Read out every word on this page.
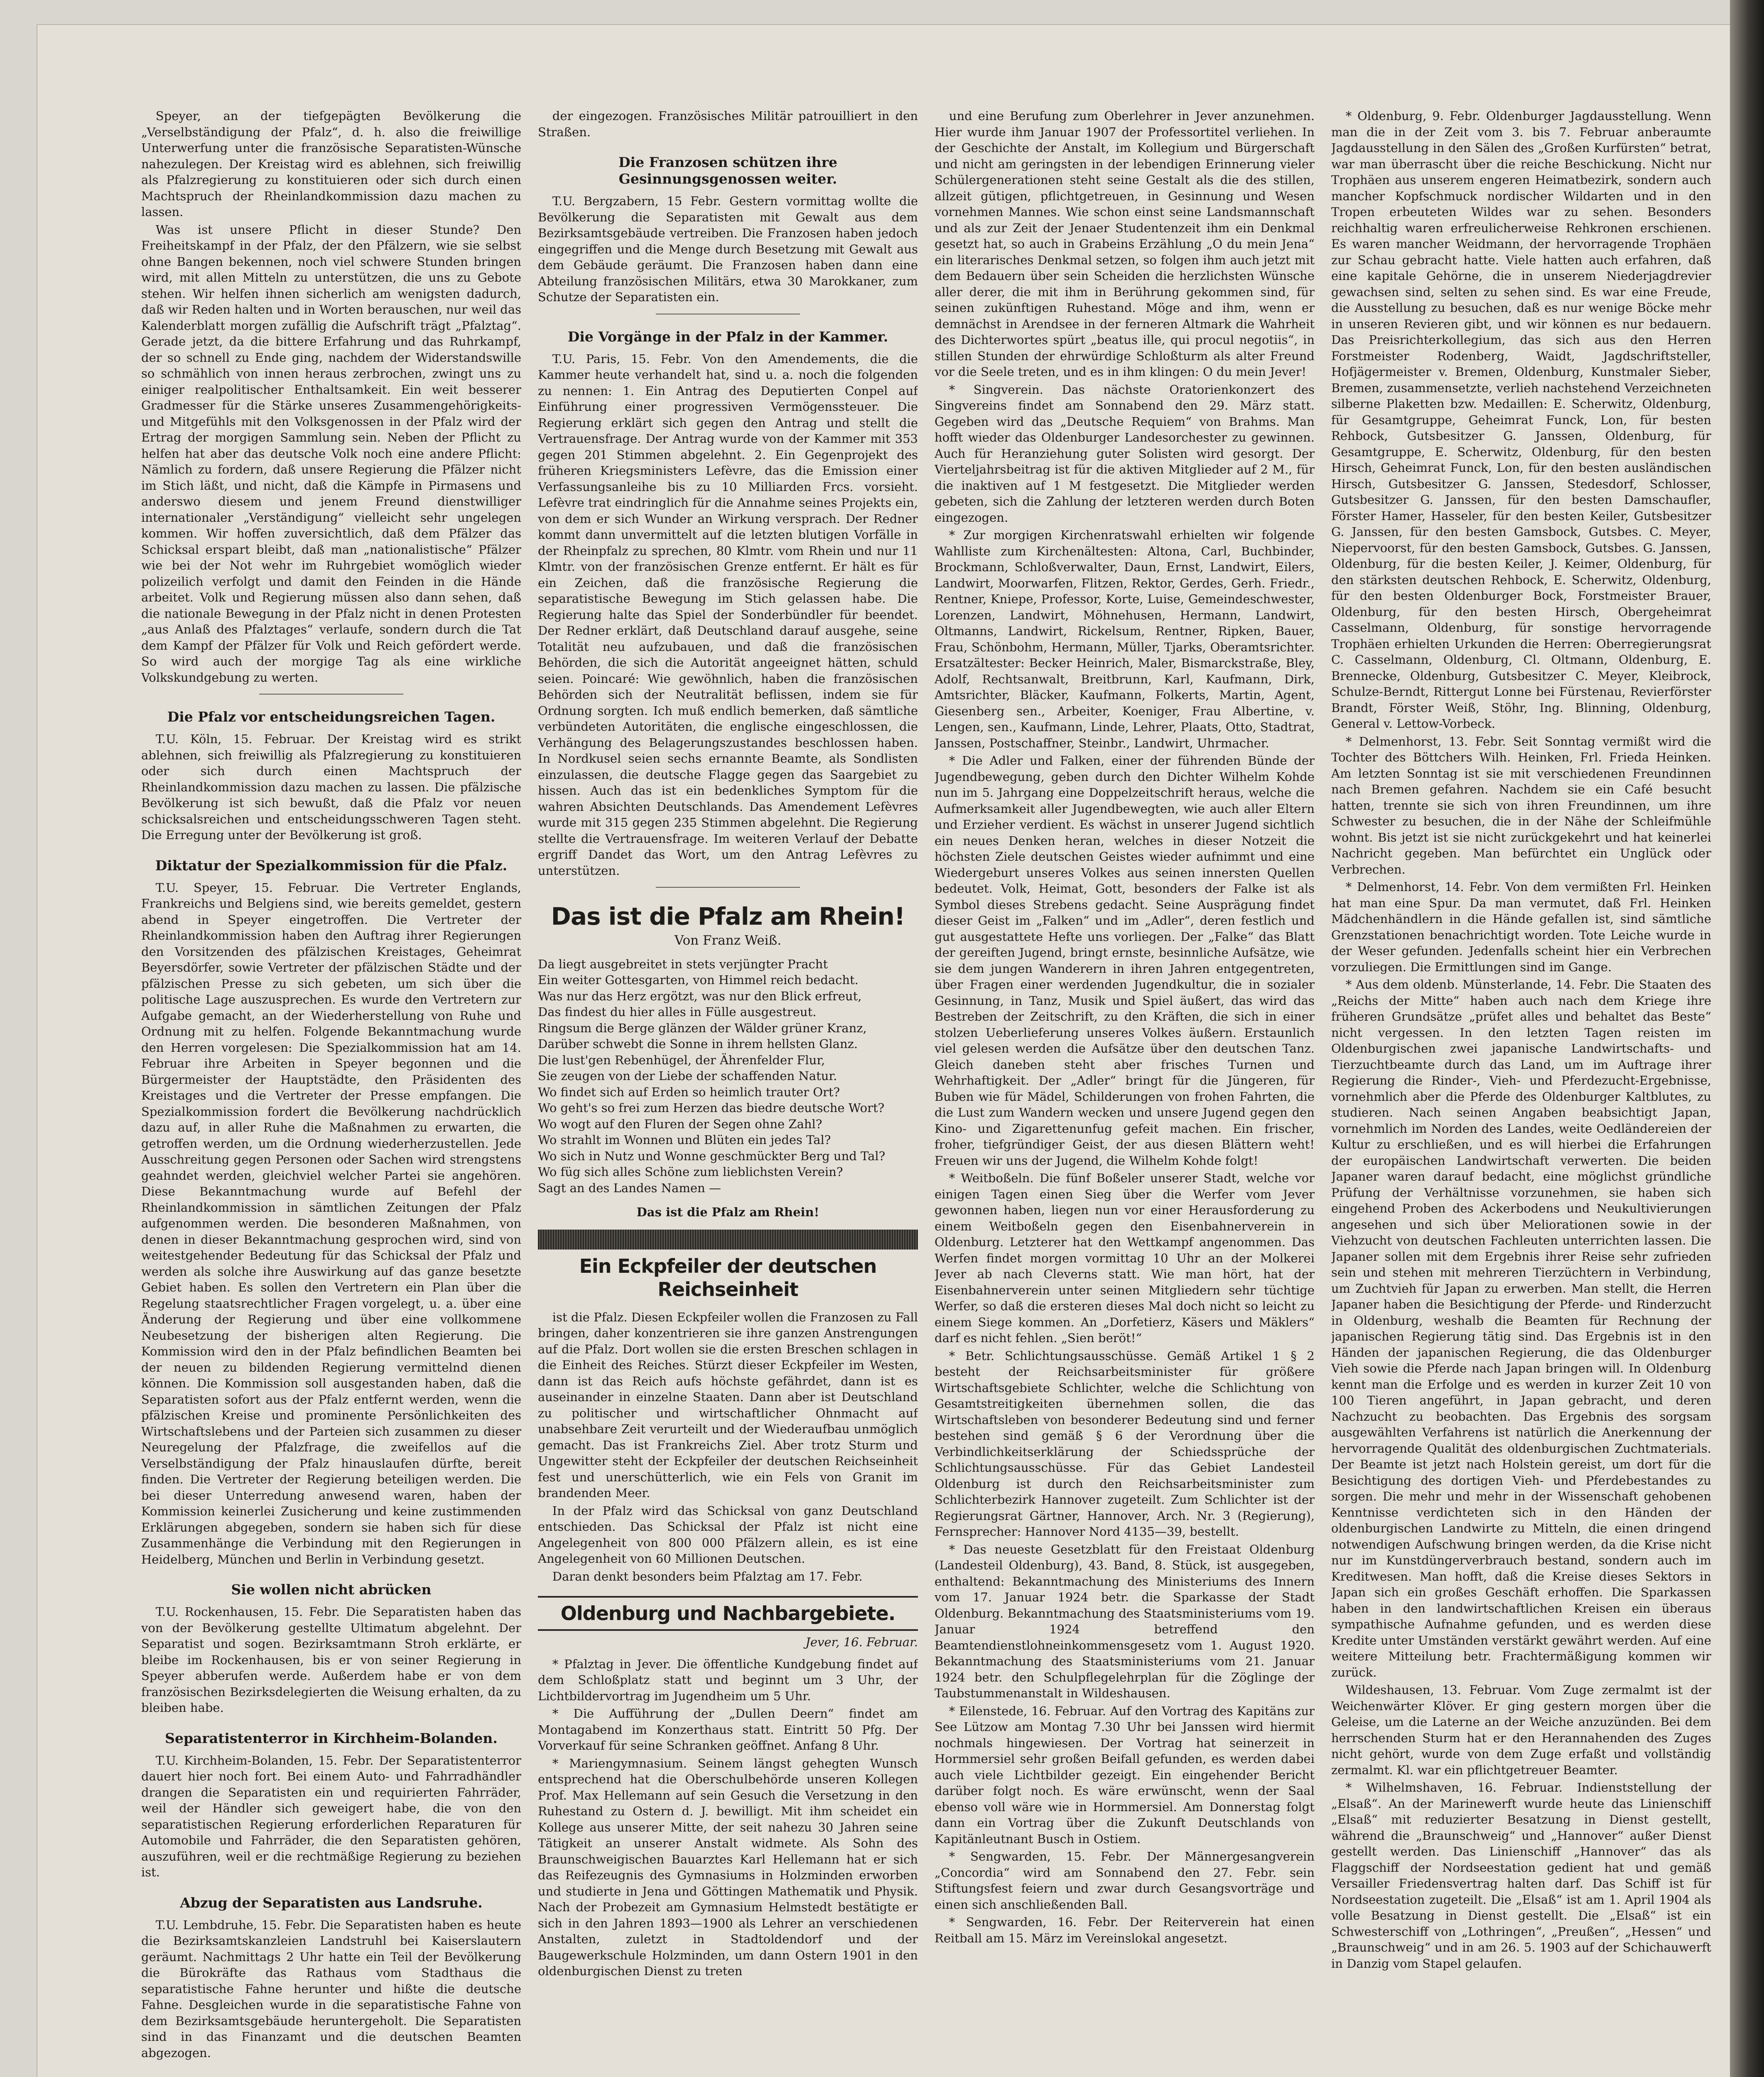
Speyer, an der tiefgepägten Bevölkerung die „Verselbständigung der Pfalz“, d. h. also die freiwillige Unterwerfung unter die französische Separatisten-Wünsche nahezulegen. Der Kreistag wird es ablehnen, sich freiwillig als Pfalzregierung zu konstituieren oder sich durch einen Machtspruch der Rheinlandkommission dazu machen zu lassen.

Was ist unsere Pflicht in dieser Stunde? Den Freiheitskampf in der Pfalz, der den Pfälzern, wie sie selbst ohne Bangen bekennen, noch viel schwere Stunden bringen wird, mit allen Mitteln zu unterstützen, die uns zu Gebote stehen. Wir helfen ihnen sicherlich am wenigsten dadurch, daß wir Reden halten und in Worten berauschen, nur weil das Kalenderblatt morgen zufällig die Aufschrift trägt „Pfalztag“. Gerade jetzt, da die bittere Erfahrung und das Ruhrkampf, der so schnell zu Ende ging, nachdem der Widerstandswille so schmählich von innen heraus zerbrochen, zwingt uns zu einiger realpolitischer Enthaltsamkeit. Ein weit besserer Gradmesser für die Stärke unseres Zusammengehörigkeits- und Mitgefühls mit den Volksgenossen in der Pfalz wird der Ertrag der morgigen Sammlung sein. Neben der Pflicht zu helfen hat aber das deutsche Volk noch eine andere Pflicht: Nämlich zu fordern, daß unsere Regierung die Pfälzer nicht im Stich läßt, und nicht, daß die Kämpfe in Pirmasens und anderswo diesem und jenem Freund dienstwilliger internationaler „Verständigung“ vielleicht sehr ungelegen kommen. Wir hoffen zuversichtlich, daß dem Pfälzer das Schicksal erspart bleibt, daß man „nationalistische“ Pfälzer wie bei der Not wehr im Ruhrgebiet womöglich wieder polizeilich verfolgt und damit den Feinden in die Hände arbeitet. Volk und Regierung müssen also dann sehen, daß die nationale Bewegung in der Pfalz nicht in denen Protesten „aus Anlaß des Pfalztages“ verlaufe, sondern durch die Tat dem Kampf der Pfälzer für Volk und Reich gefördert werde. So wird auch der morgige Tag als eine wirkliche Volkskundgebung zu werten.

Die Pfalz vor entscheidungsreichen Tagen.

T.U. Köln, 15. Februar. Der Kreistag wird es strikt ablehnen, sich freiwillig als Pfalzregierung zu konstituieren oder sich durch einen Machtspruch der Rheinlandkommission dazu machen zu lassen. Die pfälzische Bevölkerung ist sich bewußt, daß die Pfalz vor neuen schicksalsreichen und entscheidungsschweren Tagen steht. Die Erregung unter der Bevölkerung ist groß.

Diktatur der Spezialkommission für die Pfalz.

T.U. Speyer, 15. Februar. Die Vertreter Englands, Frankreichs und Belgiens sind, wie bereits gemeldet, gestern abend in Speyer eingetroffen. Die Vertreter der Rheinlandkommission haben den Auftrag ihrer Regierungen den Vorsitzenden des pfälzischen Kreistages, Geheimrat Beyersdörfer, sowie Vertreter der pfälzischen Städte und der pfälzischen Presse zu sich gebeten, um sich über die politische Lage auszusprechen. Es wurde den Vertretern zur Aufgabe gemacht, an der Wiederherstellung von Ruhe und Ordnung mit zu helfen. Folgende Bekanntmachung wurde den Herren vorgelesen: Die Spezialkommission hat am 14. Februar ihre Arbeiten in Speyer begonnen und die Bürgermeister der Hauptstädte, den Präsidenten des Kreistages und die Vertreter der Presse empfangen. Die Spezialkommission fordert die Bevölkerung nachdrücklich dazu auf, in aller Ruhe die Maßnahmen zu erwarten, die getroffen werden, um die Ordnung wiederherzustellen. Jede Ausschreitung gegen Personen oder Sachen wird strengstens geahndet werden, gleichviel welcher Partei sie angehören. Diese Bekanntmachung wurde auf Befehl der Rheinlandkommission in sämtlichen Zeitungen der Pfalz aufgenommen werden. Die besonderen Maßnahmen, von denen in dieser Bekanntmachung gesprochen wird, sind von weitestgehender Bedeutung für das Schicksal der Pfalz und werden als solche ihre Auswirkung auf das ganze besetzte Gebiet haben. Es sollen den Vertretern ein Plan über die Regelung staatsrechtlicher Fragen vorgelegt, u. a. über eine Änderung der Regierung und über eine vollkommene Neubesetzung der bisherigen alten Regierung. Die Kommission wird den in der Pfalz befindlichen Beamten bei der neuen zu bildenden Regierung vermittelnd dienen können. Die Kommission soll ausgestanden haben, daß die Separatisten sofort aus der Pfalz entfernt werden, wenn die pfälzischen Kreise und prominente Persönlichkeiten des Wirtschaftslebens und der Parteien sich zusammen zu dieser Neuregelung der Pfalzfrage, die zweifellos auf die Verselbständigung der Pfalz hinauslaufen dürfte, bereit finden. Die Vertreter der Regierung beteiligen werden. Die bei dieser Unterredung anwesend waren, haben der Kommission keinerlei Zusicherung und keine zustimmenden Erklärungen abgegeben, sondern sie haben sich für diese Zusammenhänge die Verbindung mit den Regierungen in Heidelberg, München und Berlin in Verbindung gesetzt.

Sie wollen nicht abrücken

T.U. Rockenhausen, 15. Febr. Die Separatisten haben das von der Bevölkerung gestellte Ultimatum abgelehnt. Der Separatist und sogen. Bezirksamtmann Stroh erklärte, er bleibe im Rockenhausen, bis er von seiner Regierung in Speyer abberufen werde. Außerdem habe er von dem französischen Bezirksdelegierten die Weisung erhalten, da zu bleiben habe.

Separatistenterror in Kirchheim-Bolanden.

T.U. Kirchheim-Bolanden, 15. Febr. Der Separatistenterror dauert hier noch fort. Bei einem Auto- und Fahrradhändler drangen die Separatisten ein und requirierten Fahrräder, weil der Händler sich geweigert habe, die von den separatistischen Regierung erforderlichen Reparaturen für Automobile und Fahrräder, die den Separatisten gehören, auszuführen, weil er die rechtmäßige Regierung zu beziehen ist.

Abzug der Separatisten aus Landsruhe.

T.U. Lembdruhe, 15. Febr. Die Separatisten haben es heute die Bezirksamtskanzleien Landstruhl bei Kaiserslautern geräumt. Nachmittags 2 Uhr hatte ein Teil der Bevölkerung die Bürokräfte das Rathaus vom Stadthaus die separatistische Fahne herunter und hißte die deutsche Fahne. Desgleichen wurde in die separatistische Fahne von dem Bezirksamtsgebäude heruntergeholt. Die Separatisten sind in das Finanzamt und die deutschen Beamten abgezogen.

der eingezogen. Französisches Militär patrouilliert in den Straßen.

Die Franzosen schützen ihre Gesinnungsgenossen weiter.

T.U. Bergzabern, 15 Febr. Gestern vormittag wollte die Bevölkerung die Separatisten mit Gewalt aus dem Bezirksamtsgebäude vertreiben. Die Franzosen haben jedoch eingegriffen und die Menge durch Besetzung mit Gewalt aus dem Gebäude geräumt. Die Franzosen haben dann eine Abteilung französischen Militärs, etwa 30 Marokkaner, zum Schutze der Separatisten ein.

Die Vorgänge in der Pfalz in der Kammer.

T.U. Paris, 15. Febr. Von den Amendements, die die Kammer heute verhandelt hat, sind u. a. noch die folgenden zu nennen: 1. Ein Antrag des Deputierten Conpel auf Einführung einer progressiven Vermögenssteuer. Die Regierung erklärt sich gegen den Antrag und stellt die Vertrauensfrage. Der Antrag wurde von der Kammer mit 353 gegen 201 Stimmen abgelehnt. 2. Ein Gegenprojekt des früheren Kriegsministers Lefèvre, das die Emission einer Verfassungsanleihe bis zu 10 Milliarden Frcs. vorsieht. Lefèvre trat eindringlich für die Annahme seines Projekts ein, von dem er sich Wunder an Wirkung versprach. Der Redner kommt dann unvermittelt auf die letzten blutigen Vorfälle in der Rheinpfalz zu sprechen, 80 Klmtr. vom Rhein und nur 11 Klmtr. von der französischen Grenze entfernt. Er hält es für ein Zeichen, daß die französische Regierung die separatistische Bewegung im Stich gelassen habe. Die Regierung halte das Spiel der Sonderbündler für beendet. Der Redner erklärt, daß Deutschland darauf ausgehe, seine Totalität neu aufzubauen, und daß die französischen Behörden, die sich die Autorität angeeignet hätten, schuld seien. Poincaré: Wie gewöhnlich, haben die französischen Behörden sich der Neutralität beflissen, indem sie für Ordnung sorgten. Ich muß endlich bemerken, daß sämtliche verbündeten Autoritäten, die englische eingeschlossen, die Verhängung des Belagerungszustandes beschlossen haben. In Nordkusel seien sechs ernannte Beamte, als Sondlisten einzulassen, die deutsche Flagge gegen das Saargebiet zu hissen. Auch das ist ein bedenkliches Symptom für die wahren Absichten Deutschlands. Das Amendement Lefèvres wurde mit 315 gegen 235 Stimmen abgelehnt. Die Regierung stellte die Vertrauensfrage. Im weiteren Verlauf der Debatte ergriff Dandet das Wort, um den Antrag Lefèvres zu unterstützen.

Das ist die Pfalz am Rhein!
Von Franz Weiß.

Da liegt ausgebreitet in stets verjüngter Pracht

Ein weiter Gottesgarten, von Himmel reich bedacht.

Was nur das Herz ergötzt, was nur den Blick erfreut,

Das findest du hier alles in Fülle ausgestreut.

Ringsum die Berge glänzen der Wälder grüner Kranz,

Darüber schwebt die Sonne in ihrem hellsten Glanz.

Die lust'gen Rebenhügel, der Ährenfelder Flur,

Sie zeugen von der Liebe der schaffenden Natur.

Wo findet sich auf Erden so heimlich trauter Ort?

Wo geht's so frei zum Herzen das biedre deutsche Wort?

Wo wogt auf den Fluren der Segen ohne Zahl?

Wo strahlt im Wonnen und Blüten ein jedes Tal?

Wo sich in Nutz und Wonne geschmückter Berg und Tal?

Wo füg sich alles Schöne zum lieblichsten Verein?

Sagt an des Landes Namen —

Das ist die Pfalz am Rhein!
Ein Eckpfeiler der deutschen Reichseinheit

ist die Pfalz. Diesen Eckpfeiler wollen die Franzosen zu Fall bringen, daher konzentrieren sie ihre ganzen Anstrengungen auf die Pfalz. Dort wollen sie die ersten Breschen schlagen in die Einheit des Reiches. Stürzt dieser Eckpfeiler im Westen, dann ist das Reich aufs höchste gefährdet, dann ist es auseinander in einzelne Staaten. Dann aber ist Deutschland zu politischer und wirtschaftlicher Ohnmacht auf unabsehbare Zeit verurteilt und der Wiederaufbau unmöglich gemacht. Das ist Frankreichs Ziel. Aber trotz Sturm und Ungewitter steht der Eckpfeiler der deutschen Reichseinheit fest und unerschütterlich, wie ein Fels von Granit im brandenden Meer.

In der Pfalz wird das Schicksal von ganz Deutschland entschieden. Das Schicksal der Pfalz ist nicht eine Angelegenheit von 800 000 Pfälzern allein, es ist eine Angelegenheit von 60 Millionen Deutschen.

Daran denkt besonders beim Pfalztag am 17. Febr.

Oldenburg und Nachbargebiete.
Jever, 16. Februar.

* Pfalztag in Jever. Die öffentliche Kundgebung findet auf dem Schloßplatz statt und beginnt um 3 Uhr, der Lichtbildervortrag im Jugendheim um 5 Uhr.

* Die Aufführung der „Dullen Deern“ findet am Montagabend im Konzerthaus statt. Eintritt 50 Pfg. Der Vorverkauf für seine Schranken geöffnet. Anfang 8 Uhr.

* Mariengymnasium. Seinem längst gehegten Wunsch entsprechend hat die Oberschulbehörde unseren Kollegen Prof. Max Hellemann auf sein Gesuch die Versetzung in den Ruhestand zu Ostern d. J. bewilligt. Mit ihm scheidet ein Kollege aus unserer Mitte, der seit nahezu 30 Jahren seine Tätigkeit an unserer Anstalt widmete. Als Sohn des Braunschweigischen Bauarztes Karl Hellemann hat er sich das Reifezeugnis des Gymnasiums in Holzminden erworben und studierte in Jena und Göttingen Mathematik und Physik. Nach der Probezeit am Gymnasium Helmstedt bestätigte er sich in den Jahren 1893—1900 als Lehrer an verschiedenen Anstalten, zuletzt in Stadtoldendorf und der Baugewerkschule Holzminden, um dann Ostern 1901 in den oldenburgischen Dienst zu treten

und eine Berufung zum Oberlehrer in Jever anzunehmen. Hier wurde ihm Januar 1907 der Professortitel verliehen. In der Geschichte der Anstalt, im Kollegium und Bürgerschaft und nicht am geringsten in der lebendigen Erinnerung vieler Schülergenerationen steht seine Gestalt als die des stillen, allzeit gütigen, pflichtgetreuen, in Gesinnung und Wesen vornehmen Mannes. Wie schon einst seine Landsmannschaft und als zur Zeit der Jenaer Studentenzeit ihm ein Denkmal gesetzt hat, so auch in Grabeins Erzählung „O du mein Jena“ ein literarisches Denkmal setzen, so folgen ihm auch jetzt mit dem Bedauern über sein Scheiden die herzlichsten Wünsche aller derer, die mit ihm in Berührung gekommen sind, für seinen zukünftigen Ruhestand. Möge and ihm, wenn er demnächst in Arendsee in der ferneren Altmark die Wahrheit des Dichterwortes spürt „beatus ille, qui procul negotiis“, in stillen Stunden der ehrwürdige Schloßturm als alter Freund vor die Seele treten, und es in ihm klingen: O du mein Jever!

* Singverein. Das nächste Oratorienkonzert des Singvereins findet am Sonnabend den 29. März statt. Gegeben wird das „Deutsche Requiem“ von Brahms. Man hofft wieder das Oldenburger Landesorchester zu gewinnen. Auch für Heranziehung guter Solisten wird gesorgt. Der Vierteljahrsbeitrag ist für die aktiven Mitglieder auf 2 M., für die inaktiven auf 1 M festgesetzt. Die Mitglieder werden gebeten, sich die Zahlung der letzteren werden durch Boten eingezogen.

* Zur morgigen Kirchenratswahl erhielten wir folgende Wahlliste zum Kirchenältesten: Altona, Carl, Buchbinder, Brockmann, Schloßverwalter, Daun, Ernst, Landwirt, Eilers, Landwirt, Moorwarfen, Flitzen, Rektor, Gerdes, Gerh. Friedr., Rentner, Kniepe, Professor, Korte, Luise, Gemeindeschwester, Lorenzen, Landwirt, Möhnehusen, Hermann, Landwirt, Oltmanns, Landwirt, Rickelsum, Rentner, Ripken, Bauer, Frau, Schönbohm, Hermann, Müller, Tjarks, Oberamtsrichter. Ersatzältester: Becker Heinrich, Maler, Bismarckstraße, Bley, Adolf, Rechtsanwalt, Breitbrunn, Karl, Kaufmann, Dirk, Amtsrichter, Bläcker, Kaufmann, Folkerts, Martin, Agent, Giesenberg sen., Arbeiter, Koeniger, Frau Albertine, v. Lengen, sen., Kaufmann, Linde, Lehrer, Plaats, Otto, Stadtrat, Janssen, Postschaffner, Steinbr., Landwirt, Uhrmacher.

* Die Adler und Falken, einer der führenden Bünde der Jugendbewegung, geben durch den Dichter Wilhelm Kohde nun im 5. Jahrgang eine Doppelzeitschrift heraus, welche die Aufmerksamkeit aller Jugendbewegten, wie auch aller Eltern und Erzieher verdient. Es wächst in unserer Jugend sichtlich ein neues Denken heran, welches in dieser Notzeit die höchsten Ziele deutschen Geistes wieder aufnimmt und eine Wiedergeburt unseres Volkes aus seinen innersten Quellen bedeutet. Volk, Heimat, Gott, besonders der Falke ist als Symbol dieses Strebens gedacht. Seine Ausprägung findet dieser Geist im „Falken“ und im „Adler“, deren festlich und gut ausgestattete Hefte uns vorliegen. Der „Falke“ das Blatt der gereiften Jugend, bringt ernste, besinnliche Aufsätze, wie sie dem jungen Wanderern in ihren Jahren entgegentreten, über Fragen einer werdenden Jugendkultur, die in sozialer Gesinnung, in Tanz, Musik und Spiel äußert, das wird das Bestreben der Zeitschrift, zu den Kräften, die sich in einer stolzen Ueberlieferung unseres Volkes äußern. Erstaunlich viel gelesen werden die Aufsätze über den deutschen Tanz. Gleich daneben steht aber frisches Turnen und Wehrhaftigkeit. Der „Adler“ bringt für die Jüngeren, für Buben wie für Mädel, Schilderungen von frohen Fahrten, die die Lust zum Wandern wecken und unsere Jugend gegen den Kino- und Zigarettenunfug gefeit machen. Ein frischer, froher, tiefgründiger Geist, der aus diesen Blättern weht! Freuen wir uns der Jugend, die Wilhelm Kohde folgt!

* Weitboßeln. Die fünf Boßeler unserer Stadt, welche vor einigen Tagen einen Sieg über die Werfer vom Jever gewonnen haben, liegen nun vor einer Herausforderung zu einem Weitboßeln gegen den Eisenbahnerverein in Oldenburg. Letzterer hat den Wettkampf angenommen. Das Werfen findet morgen vormittag 10 Uhr an der Molkerei Jever ab nach Cleverns statt. Wie man hört, hat der Eisenbahnerverein unter seinen Mitgliedern sehr tüchtige Werfer, so daß die ersteren dieses Mal doch nicht so leicht zu einem Siege kommen. An „Dorfetierz, Käsers und Mäklers“ darf es nicht fehlen. „Sien beröt!“

* Betr. Schlichtungsausschüsse. Gemäß Artikel 1 § 2 besteht der Reichsarbeitsminister für größere Wirtschaftsgebiete Schlichter, welche die Schlichtung von Gesamtstreitigkeiten übernehmen sollen, die das Wirtschaftsleben von besonderer Bedeutung sind und ferner bestehen sind gemäß § 6 der Verordnung über die Verbindlichkeitserklärung der Schiedssprüche der Schlichtungsausschüsse. Für das Gebiet Landesteil Oldenburg ist durch den Reichsarbeitsminister zum Schlichterbezirk Hannover zugeteilt. Zum Schlichter ist der Regierungsrat Gärtner, Hannover, Arch. Nr. 3 (Regierung), Fernsprecher: Hannover Nord 4135—39, bestellt.

* Das neueste Gesetzblatt für den Freistaat Oldenburg (Landesteil Oldenburg), 43. Band, 8. Stück, ist ausgegeben, enthaltend: Bekanntmachung des Ministeriums des Innern vom 17. Januar 1924 betr. die Sparkasse der Stadt Oldenburg. Bekanntmachung des Staatsministeriums vom 19. Januar 1924 betreffend den Beamtendienstlohneinkommensgesetz vom 1. August 1920. Bekanntmachung des Staatsministeriums vom 21. Januar 1924 betr. den Schulpflegelehrplan für die Zöglinge der Taubstummenanstalt in Wildeshausen.

* Eilenstede, 16. Februar. Auf den Vortrag des Kapitäns zur See Lützow am Montag 7.30 Uhr bei Janssen wird hiermit nochmals hingewiesen. Der Vortrag hat seinerzeit in Hormmersiel sehr großen Beifall gefunden, es werden dabei auch viele Lichtbilder gezeigt. Ein eingehender Bericht darüber folgt noch. Es wäre erwünscht, wenn der Saal ebenso voll wäre wie in Hormmersiel. Am Donnerstag folgt dann ein Vortrag über die Zukunft Deutschlands von Kapitänleutnant Busch in Ostiem.

* Sengwarden, 15. Febr. Der Männergesangverein „Concordia“ wird am Sonnabend den 27. Febr. sein Stiftungsfest feiern und zwar durch Gesangsvorträge und einen sich anschließenden Ball.

* Sengwarden, 16. Febr. Der Reiterverein hat einen Reitball am 15. März im Vereinslokal angesetzt.

* Oldenburg, 9. Febr. Oldenburger Jagdausstellung. Wenn man die in der Zeit vom 3. bis 7. Februar anberaumte Jagdausstellung in den Sälen des „Großen Kurfürsten“ betrat, war man überrascht über die reiche Beschickung. Nicht nur Trophäen aus unserem engeren Heimatbezirk, sondern auch mancher Kopfschmuck nordischer Wildarten und in den Tropen erbeuteten Wildes war zu sehen. Besonders reichhaltig waren erfreulicherweise Rehkronen erschienen. Es waren mancher Weidmann, der hervorragende Trophäen zur Schau gebracht hatte. Viele hatten auch erfahren, daß eine kapitale Gehörne, die in unserem Niederjagdrevier gewachsen sind, selten zu sehen sind. Es war eine Freude, die Ausstellung zu besuchen, daß es nur wenige Böcke mehr in unseren Revieren gibt, und wir können es nur bedauern. Das Preisrichterkollegium, das sich aus den Herren Forstmeister Rodenberg, Waidt, Jagdschriftsteller, Hofjägermeister v. Bremen, Oldenburg, Kunstmaler Sieber, Bremen, zusammensetzte, verlieh nachstehend Verzeichneten silberne Plaketten bzw. Medaillen: E. Scherwitz, Oldenburg, für Gesamtgruppe, Geheimrat Funck, Lon, für besten Rehbock, Gutsbesitzer G. Janssen, Oldenburg, für Gesamtgruppe, E. Scherwitz, Oldenburg, für den besten Hirsch, Geheimrat Funck, Lon, für den besten ausländischen Hirsch, Gutsbesitzer G. Janssen, Stedesdorf, Schlosser, Gutsbesitzer G. Janssen, für den besten Damschaufler, Förster Hamer, Hasseler, für den besten Keiler, Gutsbesitzer G. Janssen, für den besten Gamsbock, Gutsbes. C. Meyer, Niepervoorst, für den besten Gamsbock, Gutsbes. G. Janssen, Oldenburg, für die besten Keiler, J. Keimer, Oldenburg, für den stärksten deutschen Rehbock, E. Scherwitz, Oldenburg, für den besten Oldenburger Bock, Forstmeister Brauer, Oldenburg, für den besten Hirsch, Obergeheimrat Casselmann, Oldenburg, für sonstige hervorragende Trophäen erhielten Urkunden die Herren: Oberregierungsrat C. Casselmann, Oldenburg, Cl. Oltmann, Oldenburg, E. Brennecke, Oldenburg, Gutsbesitzer C. Meyer, Kleibrock, Schulze-Berndt, Rittergut Lonne bei Fürstenau, Revierförster Brandt, Förster Weiß, Stöhr, Ing. Blinning, Oldenburg, General v. Lettow-Vorbeck.

* Delmenhorst, 13. Febr. Seit Sonntag vermißt wird die Tochter des Böttchers Wilh. Heinken, Frl. Frieda Heinken. Am letzten Sonntag ist sie mit verschiedenen Freundinnen nach Bremen gefahren. Nachdem sie ein Café besucht hatten, trennte sie sich von ihren Freundinnen, um ihre Schwester zu besuchen, die in der Nähe der Schleifmühle wohnt. Bis jetzt ist sie nicht zurückgekehrt und hat keinerlei Nachricht gegeben. Man befürchtet ein Unglück oder Verbrechen.

* Delmenhorst, 14. Febr. Von dem vermißten Frl. Heinken hat man eine Spur. Da man vermutet, daß Frl. Heinken Mädchenhändlern in die Hände gefallen ist, sind sämtliche Grenzstationen benachrichtigt worden. Tote Leiche wurde in der Weser gefunden. Jedenfalls scheint hier ein Verbrechen vorzuliegen. Die Ermittlungen sind im Gange.

* Aus dem oldenb. Münsterlande, 14. Febr. Die Staaten des „Reichs der Mitte“ haben auch nach dem Kriege ihre früheren Grundsätze „prüfet alles und behaltet das Beste“ nicht vergessen. In den letzten Tagen reisten im Oldenburgischen zwei japanische Landwirtschafts- und Tierzuchtbeamte durch das Land, um im Auftrage ihrer Regierung die Rinder-, Vieh- und Pferdezucht-Ergebnisse, vornehmlich aber die Pferde des Oldenburger Kaltblutes, zu studieren. Nach seinen Angaben beabsichtigt Japan, vornehmlich im Norden des Landes, weite Oedländereien der Kultur zu erschließen, und es will hierbei die Erfahrungen der europäischen Landwirtschaft verwerten. Die beiden Japaner waren darauf bedacht, eine möglichst gründliche Prüfung der Verhältnisse vorzunehmen, sie haben sich eingehend Proben des Ackerbodens und Neukultivierungen angesehen und sich über Meliorationen sowie in der Viehzucht von deutschen Fachleuten unterrichten lassen. Die Japaner sollen mit dem Ergebnis ihrer Reise sehr zufrieden sein und stehen mit mehreren Tierzüchtern in Verbindung, um Zuchtvieh für Japan zu erwerben. Man stellt, die Herren Japaner haben die Besichtigung der Pferde- und Rinderzucht in Oldenburg, weshalb die Beamten für Rechnung der japanischen Regierung tätig sind. Das Ergebnis ist in den Händen der japanischen Regierung, die das Oldenburger Vieh sowie die Pferde nach Japan bringen will. In Oldenburg kennt man die Erfolge und es werden in kurzer Zeit 10 von 100 Tieren angeführt, in Japan gebracht, und deren Nachzucht zu beobachten. Das Ergebnis des sorgsam ausgewählten Verfahrens ist natürlich die Anerkennung der hervorragende Qualität des oldenburgischen Zuchtmaterials. Der Beamte ist jetzt nach Holstein gereist, um dort für die Besichtigung des dortigen Vieh- und Pferdebestandes zu sorgen. Die mehr und mehr in der Wissenschaft gehobenen Kenntnisse verdichteten sich in den Händen der oldenburgischen Landwirte zu Mitteln, die einen dringend notwendigen Aufschwung bringen werden, da die Krise nicht nur im Kunstdüngerverbrauch bestand, sondern auch im Kreditwesen. Man hofft, daß die Kreise dieses Sektors in Japan sich ein großes Geschäft erhoffen. Die Sparkassen haben in den landwirtschaftlichen Kreisen ein überaus sympathische Aufnahme gefunden, und es werden diese Kredite unter Umständen verstärkt gewährt werden. Auf eine weitere Mitteilung betr. Frachtermäßigung kommen wir zurück.

Wildeshausen, 13. Februar. Vom Zuge zermalmt ist der Weichenwärter Klöver. Er ging gestern morgen über die Geleise, um die Laterne an der Weiche anzuzünden. Bei dem herrschenden Sturm hat er den Herannahenden des Zuges nicht gehört, wurde von dem Zuge erfaßt und vollständig zermalmt. Kl. war ein pflichtgetreuer Beamter.

* Wilhelmshaven, 16. Februar. Indienststellung der „Elsaß“. An der Marinewerft wurde heute das Linienschiff „Elsaß“ mit reduzierter Besatzung in Dienst gestellt, während die „Braunschweig“ und „Hannover“ außer Dienst gestellt werden. Das Linienschiff „Hannover“ das als Flaggschiff der Nordseestation gedient hat und gemäß Versailler Friedensvertrag halten darf. Das Schiff ist für Nordseestation zugeteilt. Die „Elsaß“ ist am 1. April 1904 als volle Besatzung in Dienst gestellt. Die „Elsaß“ ist ein Schwesterschiff von „Lothringen“, „Preußen“, „Hessen“ und „Braunschweig“ und in am 26. 5. 1903 auf der Schichauwerft in Danzig vom Stapel gelaufen.
